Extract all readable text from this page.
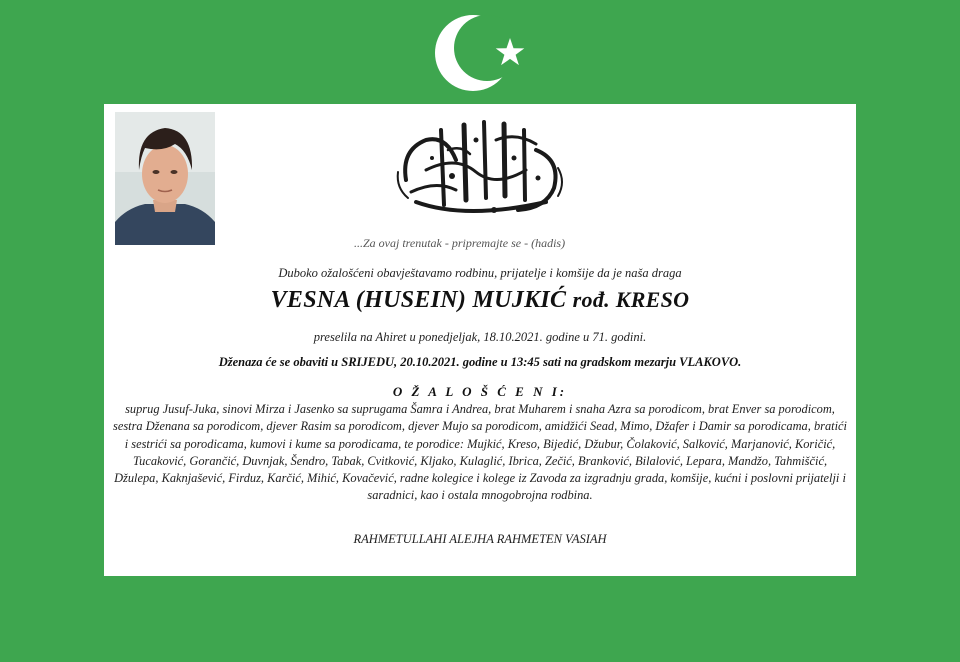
...Za ovaj trenutak - pripremajte se - (hadis)
Duboko ožalošćeni obavještavamo rodbinu, prijatelje i komšije da je naša draga
VESNA (HUSEIN) MUJKIĆ rođ. KRESO
preselila na Ahiret u ponedjeljak, 18.10.2021. godine u 71. godini.
Dženaza će se obaviti u SRIJEDU, 20.10.2021. godine u 13:45 sati na gradskom mezarju VLAKOVO.
O Ž A L O Š Ć E N I:
suprug Jusuf-Juka, sinovi Mirza i Jasenko sa suprugama Šamra i Andrea, brat Muharem i snaha Azra sa porodicom, brat Enver sa porodicom, sestra Dženana sa porodicom, djever Rasim sa porodicom, djever Mujo sa porodicom, amidžići Sead, Mimo, Džafer i Damir sa porodicama, bratići i sestrići sa porodicama, kumovi i kume sa porodicama, te porodice: Mujkić, Kreso, Bijedić, Džubur, Čolaković, Salković, Marjanović, Koričić, Tucaković, Gorančić, Duvnjak, Šendro, Tabak, Cvitković, Kljako, Kulaglić, Ibrica, Zečić, Branković, Bilalović, Lepara, Mandžo, Tahmiščić, Džulepa, Kaknjašević, Firduz, Karčić, Mihić, Kovačević, radne kolegice i kolege iz Zavoda za izgradnju grada, komšije, kućni i poslovni prijatelji i saradnici, kao i ostala mnogobrojna rodbina.
RAHMETULLAHI ALEJHA RAHMETEN VASIAH
